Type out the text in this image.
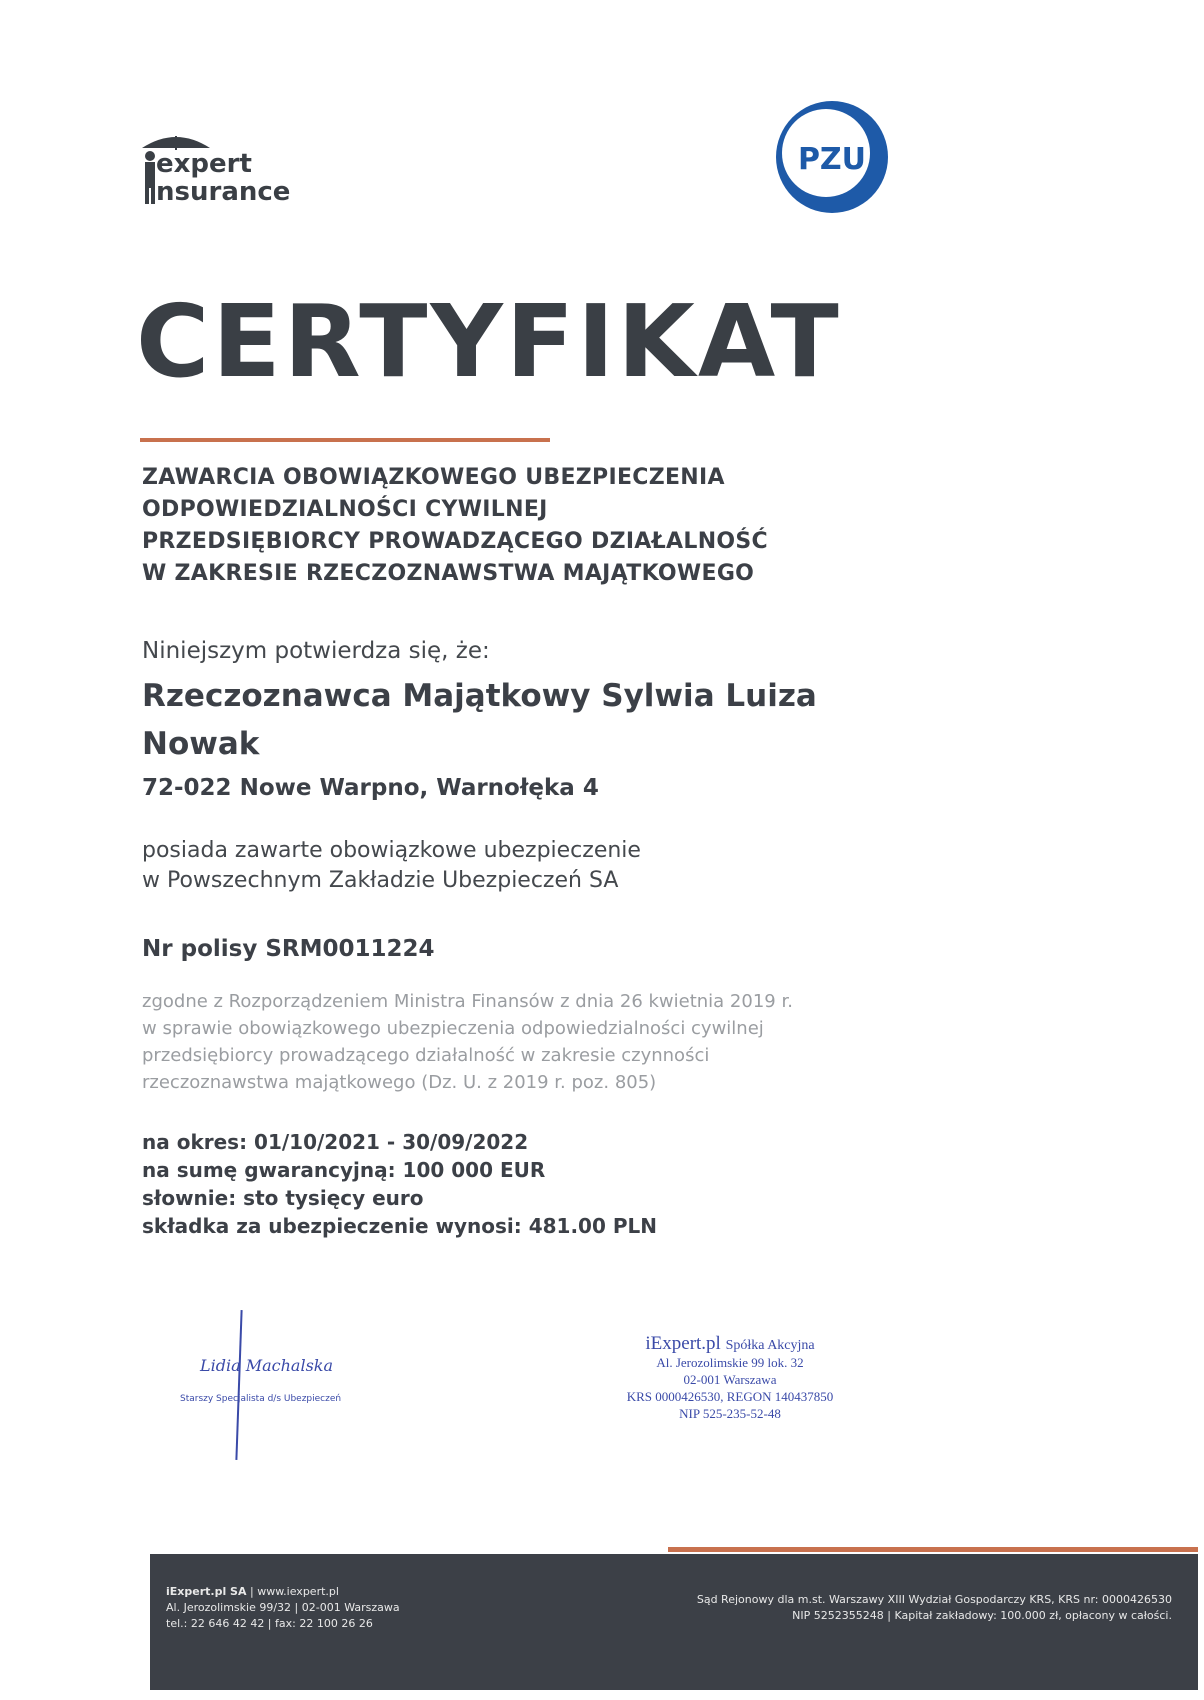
expert
nsurance
PZU
CERTYFIKAT
ZAWARCIA OBOWIĄZKOWEGO UBEZPIECZENIA
ODPOWIEDZIALNOŚCI CYWILNEJ
PRZEDSIĘBIORCY PROWADZĄCEGO DZIAŁALNOŚĆ
W ZAKRESIE RZECZOZNAWSTWA MAJĄTKOWEGO
Niniejszym potwierdza się, że:
Rzeczoznawca Majątkowy Sylwia Luiza
Nowak
72-022 Nowe Warpno, Warnołęka 4
posiada zawarte obowiązkowe ubezpieczenie
w Powszechnym Zakładzie Ubezpieczeń SA
Nr polisy SRM0011224
zgodne z Rozporządzeniem Ministra Finansów z dnia 26 kwietnia 2019 r.
w sprawie obowiązkowego ubezpieczenia odpowiedzialności cywilnej
przedsiębiorcy prowadzącego działalność w zakresie czynności
rzeczoznawstwa majątkowego (Dz. U. z 2019 r. poz. 805)
na okres: 01/10/2021 - 30/09/2022
na sumę gwarancyjną: 100 000 EUR
słownie: sto tysięcy euro
składka za ubezpieczenie wynosi: 481.00 PLN
Lidia Machalska
Starszy Specjalista d/s Ubezpieczeń
iExpert.pl Spółka Akcyjna
Al. Jerozolimskie 99 lok. 32
02-001 Warszawa
KRS 0000426530, REGON 140437850
NIP 525-235-52-48
iExpert.pl SA | www.iexpert.pl
Al. Jerozolimskie 99/32 | 02-001 Warszawa
tel.: 22 646 42 42 | fax: 22 100 26 26
Sąd Rejonowy dla m.st. Warszawy XIII Wydział Gospodarczy KRS, KRS nr: 0000426530
NIP 5252355248 | Kapitał zakładowy: 100.000 zł, opłacony w całości.
